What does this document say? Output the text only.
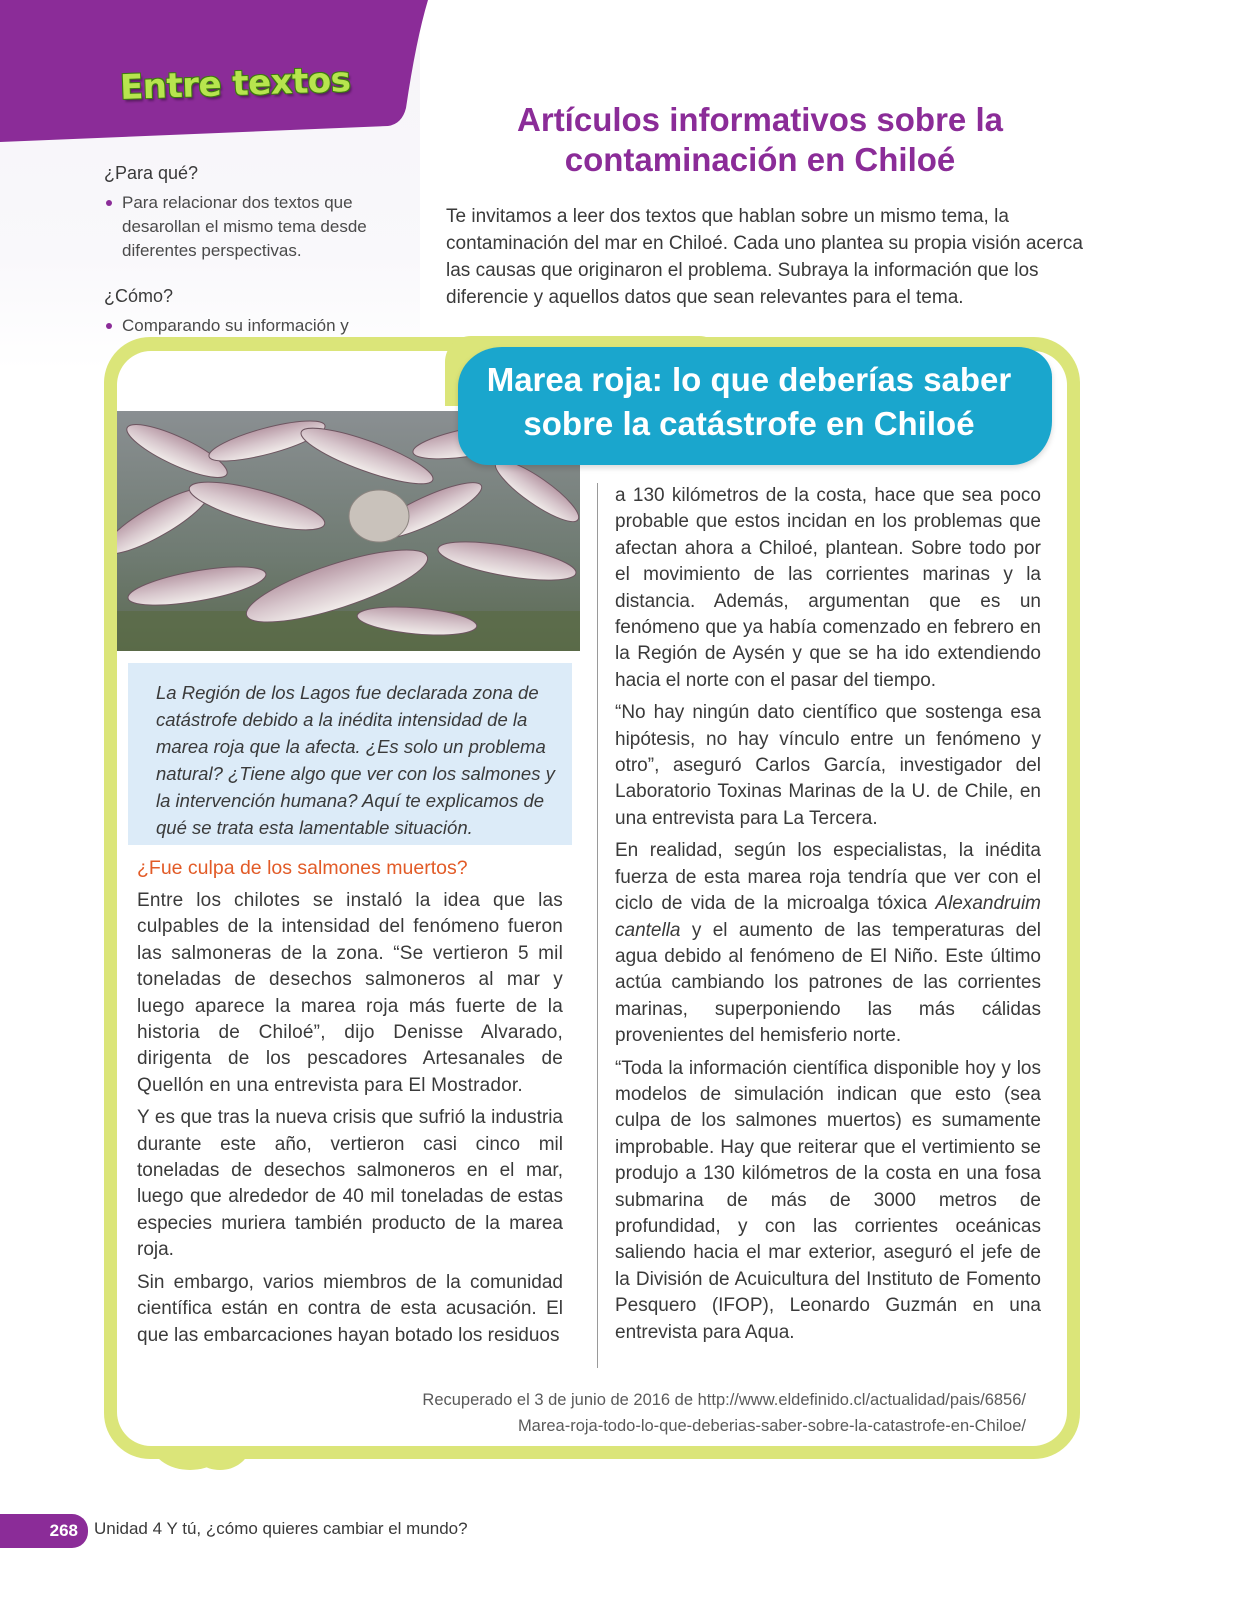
Entre textos

¿Para qué?

Para relacionar dos textos que desarollan el mismo tema desde diferentes perspectivas.

¿Cómo?

Comparando su información y

Artículos informativos sobre la
contaminación en Chiloé

Te invitamos a leer dos textos que hablan sobre un mismo tema, la contaminación del mar en Chiloé. Cada uno plantea su propia visión acerca las causas que originaron el problema. Subraya la información que los diferencie y aquellos datos que sean relevantes para el tema.

Marea roja: lo que deberías saber
sobre la catástrofe en Chiloé

La Región de los Lagos fue declarada zona de catástrofe debido a la inédita intensidad de la marea roja que la afecta. ¿Es solo un problema natural? ¿Tiene algo que ver con los salmones y la intervención humana? Aquí te explicamos de qué se trata esta lamentable situación.

¿Fue culpa de los salmones muertos?

Entre los chilotes se instaló la idea que las culpables de la intensidad del fenómeno fueron las salmoneras de la zona. “Se vertieron 5 mil toneladas de desechos salmoneros al mar y luego aparece la marea roja más fuerte de la historia de Chiloé”, dijo Denisse Alvarado, dirigenta de los pescadores Artesanales de Quellón en una entrevista para El Mostrador.

Y es que tras la nueva crisis que sufrió la industria durante este año, vertieron casi cinco mil toneladas de desechos salmoneros en el mar, luego que alrededor de 40 mil toneladas de estas especies muriera también producto de la marea roja.

Sin embargo, varios miembros de la comunidad científica están en contra de esta acusación. El que las embarcaciones hayan botado los residuos

a 130 kilómetros de la costa, hace que sea poco probable que estos incidan en los problemas que afectan ahora a Chiloé, plantean. Sobre todo por el movimiento de las corrientes marinas y la distancia. Además, argumentan que es un fenómeno que ya había comenzado en febrero en la Región de Aysén y que se ha ido extendiendo hacia el norte con el pasar del tiempo.

“No hay ningún dato científico que sostenga esa hipótesis, no hay vínculo entre un fenómeno y otro”, aseguró Carlos García, investigador del Laboratorio Toxinas Marinas de la U. de Chile, en una entrevista para La Tercera.

En realidad, según los especialistas, la inédita fuerza de esta marea roja tendría que ver con el ciclo de vida de la microalga tóxica Alexandruim cantella y el aumento de las temperaturas del agua debido al fenómeno de El Niño. Este último actúa cambiando los patrones de las corrientes marinas, superponiendo las más cálidas provenientes del hemisferio norte.

“Toda la información científica disponible hoy y los modelos de simulación indican que esto (sea culpa de los salmones muertos) es sumamente improbable. Hay que reiterar que el vertimiento se produjo a 130 kilómetros de la costa en una fosa submarina de más de 3000 metros de profundidad, y con las corrientes oceánicas saliendo hacia el mar exterior, aseguró el jefe de la División de Acuicultura del Instituto de Fomento Pesquero (IFOP), Leonardo Guzmán en una entrevista para Aqua.

Recuperado el 3 de junio de 2016 de http://www.eldefinido.cl/actualidad/pais/6856/
Marea-roja-todo-lo-que-deberias-saber-sobre-la-catastrofe-en-Chiloe/

268 Unidad 4 Y tú, ¿cómo quieres cambiar el mundo?
